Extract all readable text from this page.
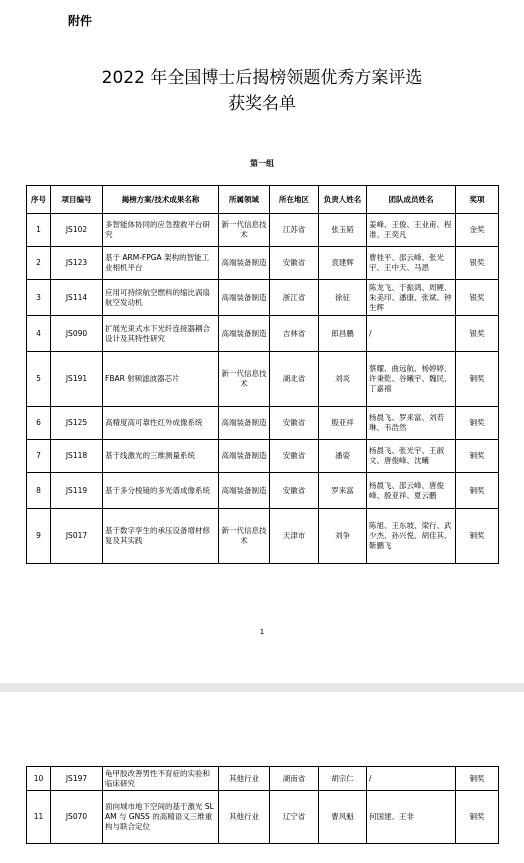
附件
2022 年全国博士后揭榜领题优秀方案评选
获奖名单
第一组
序号	项目编号	揭榜方案/技术成果名称	所属领域	所在地区	负责人姓名	团队成员姓名	奖项
1	JS102	多智能体协同的应急搜救平台研究	新一代信息技术	江苏省	张玉韬	姜峰、王俊、王业甫、程准、王奕凡	金奖
2	JS123	基于 ARM-FPGA 架构的智能工业相机平台	高端装备制造	安徽省	袁建辉	曹桂平、邵云峰、张光宇、王中天、马恩	银奖
3	JS114	应用可持续航空燃料的缩比涡扇航空发动机	高端装备制造	浙江省	徐征	陈龙飞、于振鸿、周鲤、朱美印、潘康、张斌、钟生辉	银奖
4	JS090	扩展光束式水下光纤连接器耦合设计及其特性研究	高端装备制造	吉林省	郎昌鹏	/	银奖
5	JS191	FBAR 射频滤波器芯片	新一代信息技术	湖北省	刘炎	蔡耀、曲远航、杨婷婷、许秉乾、谷曦宇、魏民、丁嘉禧	铜奖
6	JS125	高精度高可靠性红外成像系统	高端装备制造	安徽省	殷亚祥	杨晨飞、罗来富、刘若琳、韦浩然	铜奖
7	JS118	基于线激光的三维测量系统	高端装备制造	安徽省	潘姿	杨晨飞、张光宇、王淑文、唐俊峰、沈曦	铜奖
8	JS119	基于多分棱镜的多光谱成像系统	高端装备制造	安徽省	罗来富	杨晨飞、邵云峰、唐俊峰、殷亚祥、夏云鹏	铜奖
9	JS017	基于数字孪生的承压设备增材修复及其实践	新一代信息技术	天津市	刘争	陈旭、王东坡、梁行、武少杰、孙兴悦、胡佳其、靳鹏飞	铜奖
1
10	JS197	龟甲胶改善男性不育症的实验和临床研究	其他行业	湖南省	胡宗仁	/	铜奖
11	JS070	面向城市地下空间的基于激光 SLAM 与 GNSS 的高精语义三维重构与联合定位	其他行业	辽宁省	曹风魁	何国建、王非	铜奖
